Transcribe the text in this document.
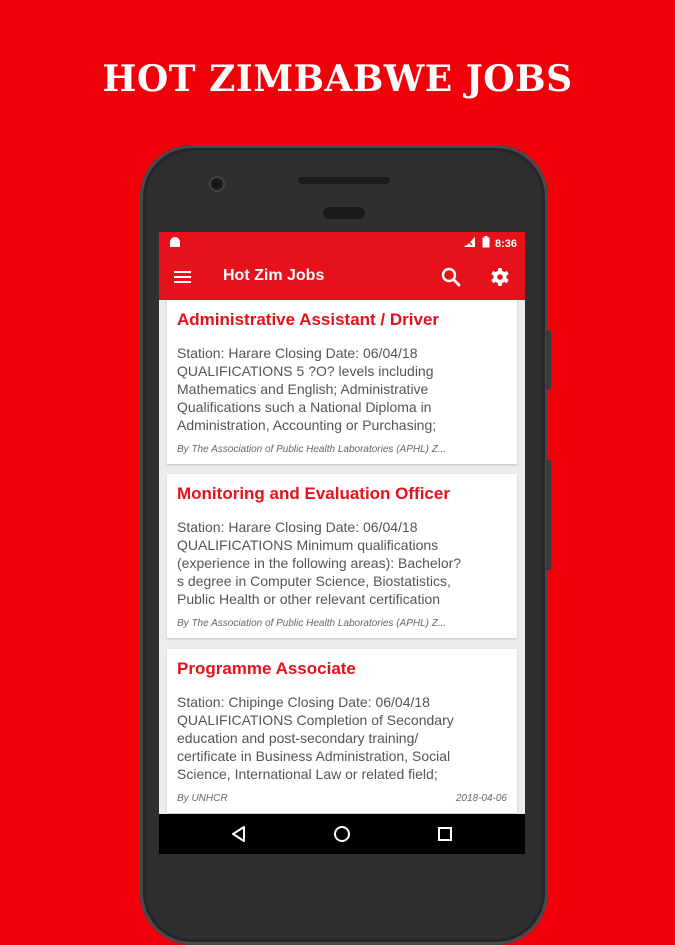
HOT ZIMBABWE JOBS
8:36
Hot Zim Jobs
Administrative Assistant / Driver
Station: Harare Closing Date: 06/04/18
QUALIFICATIONS 5 ?O? levels including
Mathematics and English; Administrative
Qualifications such a National Diploma in
Administration, Accounting or Purchasing;
By The Association of Public Health Laboratories (APHL) Z...
Monitoring and Evaluation Officer
Station: Harare Closing Date: 06/04/18
QUALIFICATIONS Minimum qualifications
(experience in the following areas): Bachelor?
s degree in Computer Science, Biostatistics,
Public Health or other relevant certification
By The Association of Public Health Laboratories (APHL) Z...
Programme Associate
Station: Chipinge Closing Date: 06/04/18
QUALIFICATIONS Completion of Secondary
education and post-secondary training/
certificate in Business Administration, Social
Science, International Law or related field;
By UNHCR	2018-04-06
